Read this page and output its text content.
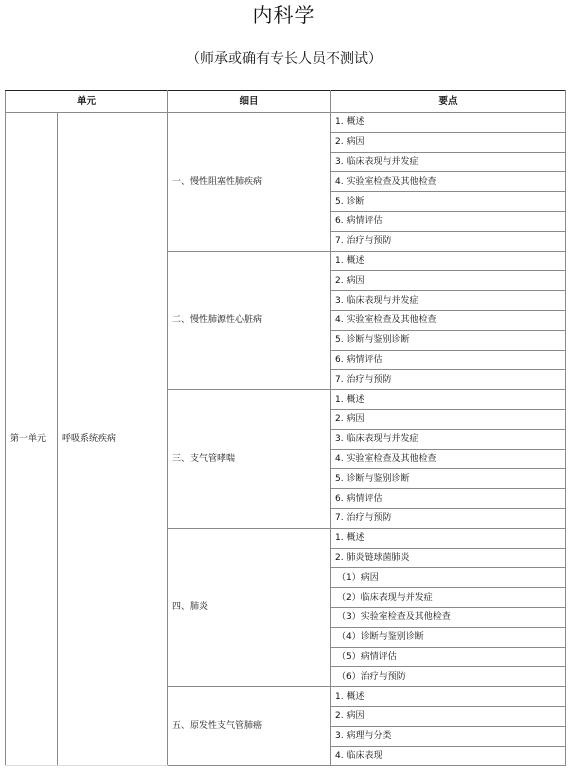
内科学
（师承或确有专长人员不测试）
单元		细目	要点
第一单元	呼吸系统疾病	一、慢性阻塞性肺疾病	1. 概述
			2. 病因
			3. 临床表现与并发症
			4. 实验室检查及其他检查
			5. 诊断
			6. 病情评估
			7. 治疗与预防
		二、慢性肺源性心脏病	1. 概述
			2. 病因
			3. 临床表现与并发症
			4. 实验室检查及其他检查
			5. 诊断与鉴别诊断
			6. 病情评估
			7. 治疗与预防
		三、支气管哮喘	1. 概述
			2. 病因
			3. 临床表现与并发症
			4. 实验室检查及其他检查
			5. 诊断与鉴别诊断
			6. 病情评估
			7. 治疗与预防
		四、肺炎	1. 概述
			2. 肺炎链球菌肺炎
			（1）病因
			（2）临床表现与并发症
			（3）实验室检查及其他检查
			（4）诊断与鉴别诊断
			（5）病情评估
			（6）治疗与预防
		五、原发性支气管肺癌	1. 概述
			2. 病因
			3. 病理与分类
			4. 临床表现
